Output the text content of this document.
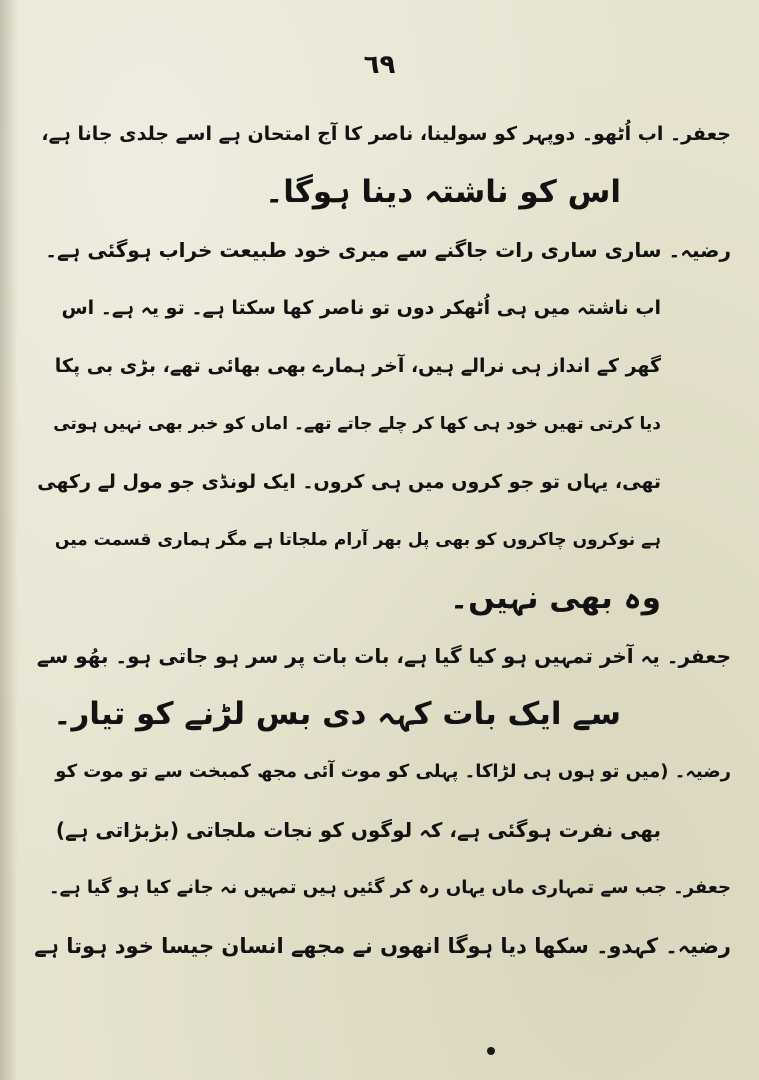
٦٩
جعفر۔ اب اُٹھو۔ دوپہر کو سولینا، ناصر کا آج امتحان ہے اسے جلدی جانا ہے،
اس کو ناشتہ دینا ہوگا۔
رضیہ۔ ساری ساری رات جاگنے سے میری خود طبیعت خراب ہوگئی ہے۔
اب ناشتہ میں ہی اُٹھکر دوں تو ناصر کھا سکتا ہے۔ تو یہ ہے۔ اس
گھر کے انداز ہی نرالے ہیں، آخر ہمارے بھی بھائی تھے، بڑی بی پکا
دیا کرتی تھیں خود ہی کھا کر چلے جاتے تھے۔ اماں کو خبر بھی نہیں ہوتی
تھی، یہاں تو جو کروں میں ہی کروں۔ ایک لونڈی جو مول لے رکھی
ہے نوکروں چاکروں کو بھی پل بھر آرام ملجاتا ہے مگر ہماری قسمت میں
وہ بھی نہیں۔
جعفر۔ یہ آخر تمہیں ہو کیا گیا ہے، بات بات پر سر ہو جاتی ہو۔ بھُو سے
سے ایک بات کہہ دی بس لڑنے کو تیار۔
رضیہ۔ (میں تو ہوں ہی لڑاکا۔ پہلی کو موت آئی مجھ کمبخت سے تو موت کو
بھی نفرت ہوگئی ہے، کہ لوگوں کو نجات ملجاتی (بڑبڑاتی ہے)
جعفر۔ جب سے تمہاری ماں یہاں رہ کر گئیں ہیں تمہیں نہ جانے کیا ہو گیا ہے۔
رضیہ۔ کہدو۔ سکھا دیا ہوگا انھوں نے مجھے انسان جیسا خود ہوتا ہے
